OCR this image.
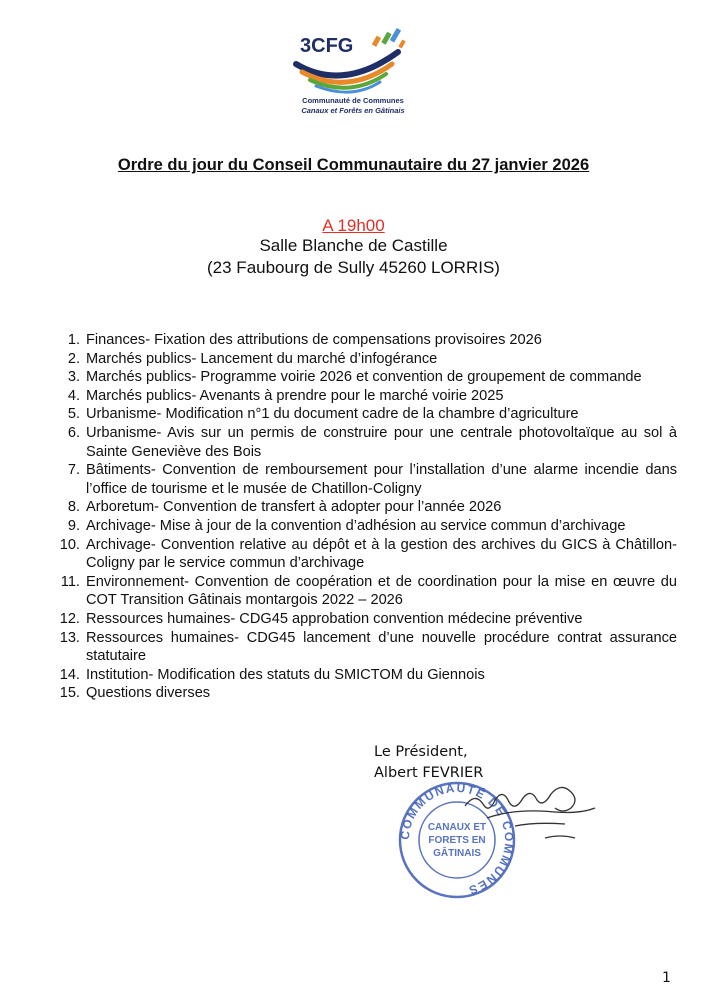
3CFG
Communauté de Communes
Canaux et Forêts en Gâtinais
Ordre du jour du Conseil Communautaire du 27 janvier 2026
A 19h00
Salle Blanche de Castille
(23 Faubourg de Sully 45260 LORRIS)
1. Finances- Fixation des attributions de compensations provisoires 2026
2. Marchés publics- Lancement du marché d’infogérance
3. Marchés publics- Programme voirie 2026 et convention de groupement de commande
4. Marchés publics- Avenants à prendre pour le marché voirie 2025
5. Urbanisme- Modification n°1 du document cadre de la chambre d’agriculture
6. Urbanisme- Avis sur un permis de construire pour une centrale photovoltaïque au sol à Sainte Geneviève des Bois
7. Bâtiments- Convention de remboursement pour l’installation d’une alarme incendie dans l’office de tourisme et le musée de Chatillon-Coligny
8. Arboretum- Convention de transfert à adopter pour l’année 2026
9. Archivage- Mise à jour de la convention d’adhésion au service commun d’archivage
10. Archivage- Convention relative au dépôt et à la gestion des archives du GICS à Châtillon-Coligny par le service commun d’archivage
11. Environnement- Convention de coopération et de coordination pour la mise en œuvre du COT Transition Gâtinais montargois 2022 – 2026
12. Ressources humaines- CDG45 approbation convention médecine préventive
13. Ressources humaines- CDG45 lancement d’une nouvelle procédure contrat assurance statutaire
14. Institution- Modification des statuts du SMICTOM du Giennois
15. Questions diverses
Le Président,
Albert FEVRIER
COMMUNAUTÉ DE COMMUNES
CANAUX ET
FORETS EN
GÂTINAIS
1
